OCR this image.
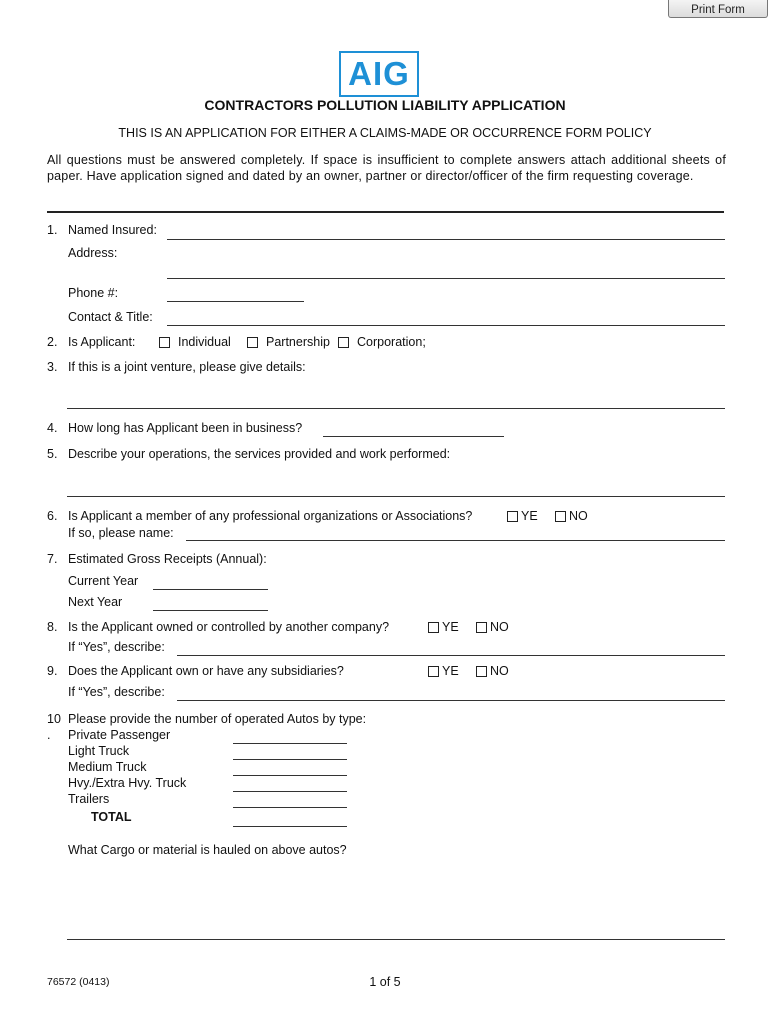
Print Form
AIG
CONTRACTORS POLLUTION LIABILITY APPLICATION
THIS IS AN APPLICATION FOR EITHER A CLAIMS-MADE OR OCCURRENCE FORM POLICY
All questions must be answered completely. If space is insufficient to complete answers attach additional sheets of paper. Have application signed and dated by an owner, partner or director/officer of the firm requesting coverage.
1. Named Insured:
Address:
Phone #:
Contact & Title:
2. Is Applicant:	Individual	Partnership Corporation;
3. If this is a joint venture, please give details:
4. How long has Applicant been in business?
5. Describe your operations, the services provided and work performed:
6. Is Applicant a member of any professional organizations or Associations?	YE	NO
If so, please name:
7. Estimated Gross Receipts (Annual):
Current Year
Next Year
8. Is the Applicant owned or controlled by another company?	YE	NO
If “Yes”, describe:
9. Does the Applicant own or have any subsidiaries?	YE	NO
If “Yes”, describe:
10
.
Please provide the number of operated Autos by type:
Private Passenger
Light Truck
Medium Truck
Hvy./Extra Hvy. Truck
Trailers
TOTAL
What Cargo or material is hauled on above autos?
76572 (0413)	1 of 5
